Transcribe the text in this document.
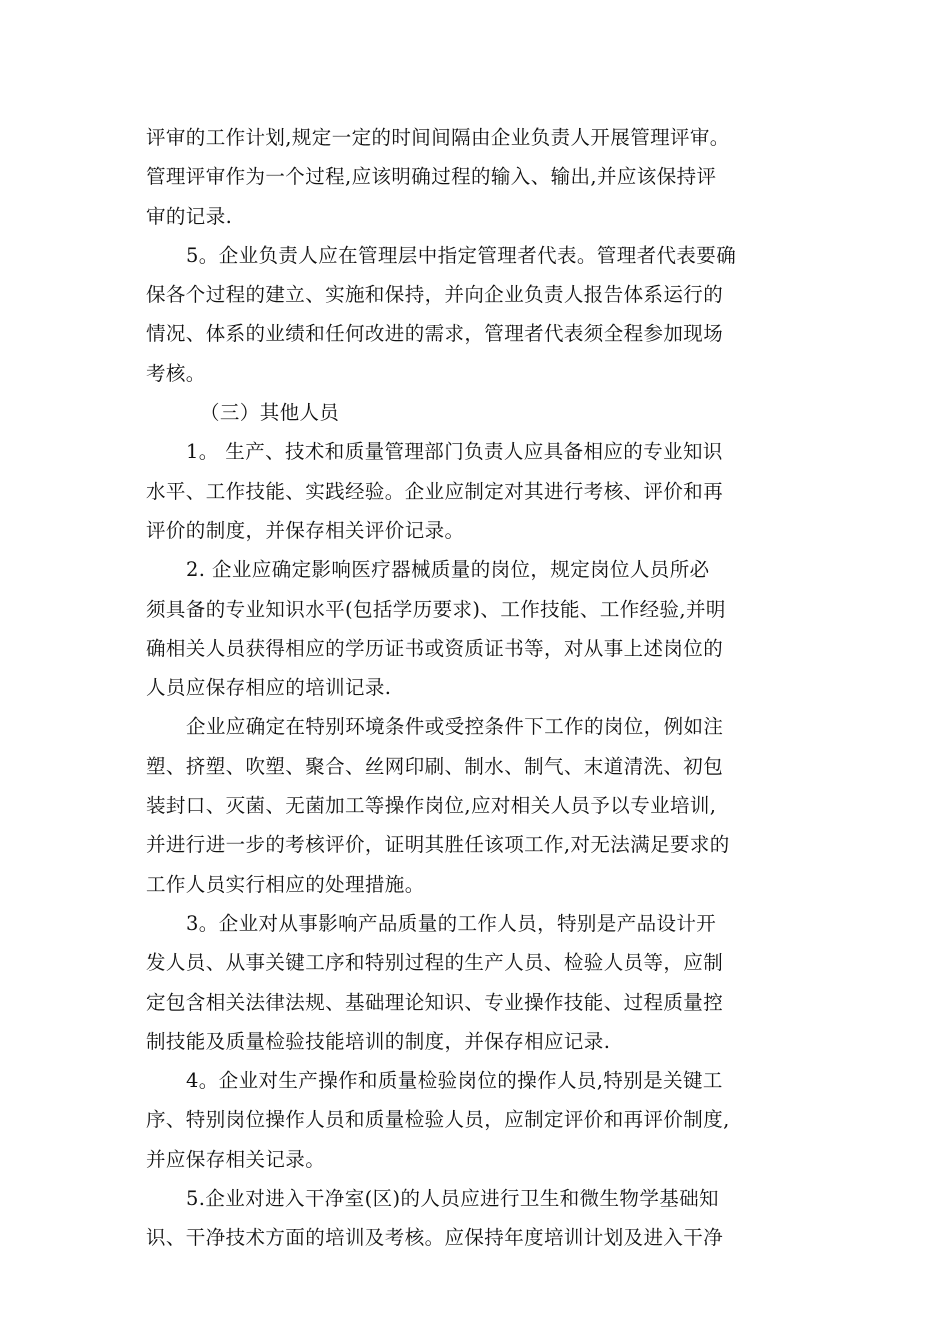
评审的工作计划,规定一定的时间间隔由企业负责人开展管理评审。
管理评审作为一个过程,应该明确过程的输入、输出,并应该保持评
审的记录.
5。企业负责人应在管理层中指定管理者代表。管理者代表要确
保各个过程的建立、实施和保持，并向企业负责人报告体系运行的
情况、体系的业绩和任何改进的需求，管理者代表须全程参加现场
考核。
（三）其他人员
1。 生产、技术和质量管理部门负责人应具备相应的专业知识
水平、工作技能、实践经验。企业应制定对其进行考核、评价和再
评价的制度，并保存相关评价记录。
2. 企业应确定影响医疗器械质量的岗位，规定岗位人员所必
须具备的专业知识水平(包括学历要求)、工作技能、工作经验,并明
确相关人员获得相应的学历证书或资质证书等，对从事上述岗位的
人员应保存相应的培训记录.
企业应确定在特别环境条件或受控条件下工作的岗位，例如注
塑、挤塑、吹塑、聚合、丝网印刷、制水、制气、末道清洗、初包
装封口、灭菌、无菌加工等操作岗位,应对相关人员予以专业培训,
并进行进一步的考核评价，证明其胜任该项工作,对无法满足要求的
工作人员实行相应的处理措施。
3。企业对从事影响产品质量的工作人员，特别是产品设计开
发人员、从事关键工序和特别过程的生产人员、检验人员等，应制
定包含相关法律法规、基础理论知识、专业操作技能、过程质量控
制技能及质量检验技能培训的制度，并保存相应记录.
4。企业对生产操作和质量检验岗位的操作人员,特别是关键工
序、特别岗位操作人员和质量检验人员，应制定评价和再评价制度,
并应保存相关记录。
5.企业对进入干净室(区)的人员应进行卫生和微生物学基础知
识、干净技术方面的培训及考核。应保持年度培训计划及进入干净
